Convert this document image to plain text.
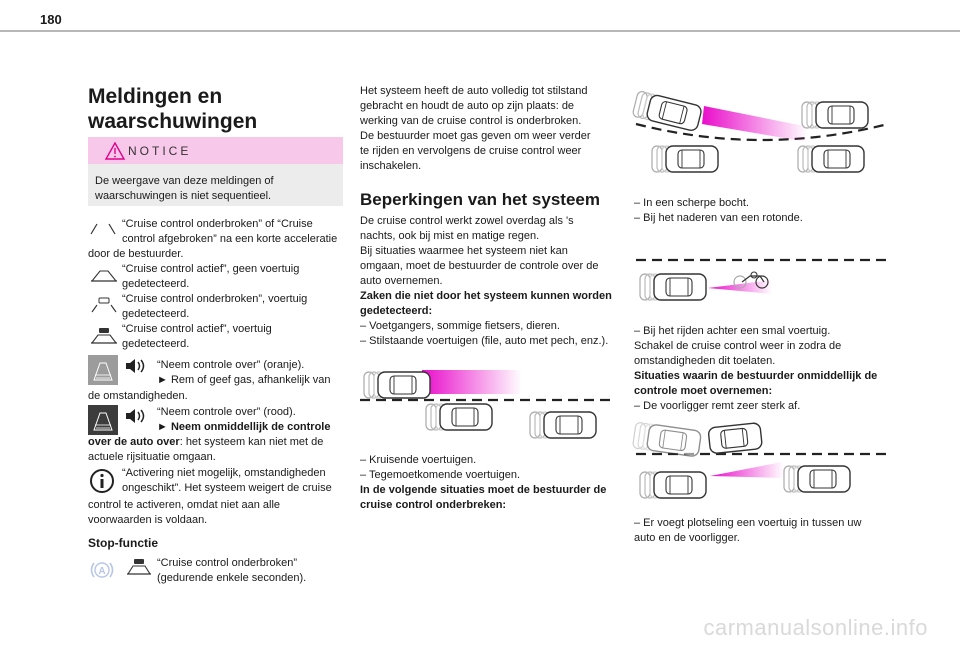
180
Meldingen en
waarschuwingen
NOTICE
De weergave van deze meldingen of waarschuwingen is niet sequentieel.
“Cruise control onderbroken” of “Cruise
control afgebroken” na een korte acceleratie
door de bestuurder.
“Cruise control actief”, geen voertuig
gedetecteerd.
“Cruise control onderbroken”, voertuig
gedetecteerd.
“Cruise control actief”, voertuig
gedetecteerd.
“Neem controle over” (oranje).
► Rem of geef gas, afhankelijk van
de omstandigheden.
“Neem controle over” (rood).
► Neem onmiddellijk de controle
over de auto over: het systeem kan niet met de
actuele rijsituatie omgaan.
“Activering niet mogelijk, omstandigheden
ongeschikt”. Het systeem weigert de cruise
control te activeren, omdat niet aan alle
voorwaarden is voldaan.
Stop-functie
A
“Cruise control onderbroken”
(gedurende enkele seconden).
Het systeem heeft de auto volledig tot stilstand
gebracht en houdt de auto op zijn plaats: de
werking van de cruise control is onderbroken.
De bestuurder moet gas geven om weer verder
te rijden en vervolgens de cruise control weer
inschakelen.
Beperkingen van het systeem
De cruise control werkt zowel overdag als 's
nachts, ook bij mist en matige regen.
Bij situaties waarmee het systeem niet kan
omgaan, moet de bestuurder de controle over de
auto overnemen.
Zaken die niet door het systeem kunnen worden
gedetecteerd:
– Voetgangers, sommige fietsers, dieren.
– Stilstaande voertuigen (file, auto met pech, enz.).
– Kruisende voertuigen.
– Tegemoetkomende voertuigen.
In de volgende situaties moet de bestuurder de
cruise control onderbreken:
– In een scherpe bocht.
– Bij het naderen van een rotonde.
– Bij het rijden achter een smal voertuig.
Schakel de cruise control weer in zodra de
omstandigheden dit toelaten.
Situaties waarin de bestuurder onmiddellijk de
controle moet overnemen:
– De voorligger remt zeer sterk af.
– Er voegt plotseling een voertuig in tussen uw
auto en de voorligger.
carmanualsonline.info
